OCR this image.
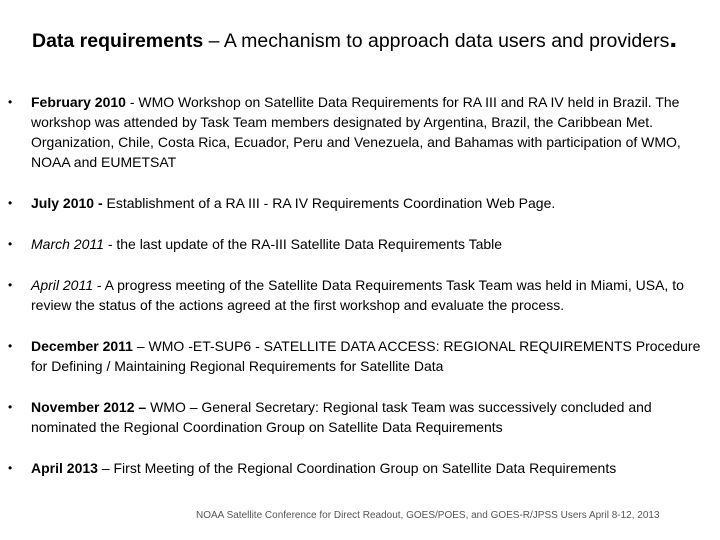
Data requirements – A mechanism to approach data users and providers.
•	February 2010 - WMO Workshop on Satellite Data Requirements for RA III and RA IV held in Brazil. The workshop was attended by Task Team members designated by Argentina, Brazil, the Caribbean Met. Organization, Chile, Costa Rica, Ecuador, Peru and Venezuela, and Bahamas with participation of WMO, NOAA and EUMETSAT
•	July 2010 - Establishment of a RA III - RA IV Requirements Coordination Web Page.
•	March 2011 - the last update of the RA-III Satellite Data Requirements Table
•	April 2011 - A progress meeting of the Satellite Data Requirements Task Team was held in Miami, USA, to review the status of the actions agreed at the first workshop and evaluate the process.
•	December 2011 – WMO -ET-SUP6 - SATELLITE DATA ACCESS: REGIONAL REQUIREMENTS Procedure for Defining / Maintaining Regional Requirements for Satellite Data
•	November 2012 – WMO – General Secretary: Regional task Team was successively concluded and nominated the Regional Coordination Group on Satellite Data Requirements
•	April 2013 – First Meeting of the Regional Coordination Group on Satellite Data Requirements
NOAA Satellite Conference for Direct Readout, GOES/POES, and GOES-R/JPSS Users April 8-12, 2013
